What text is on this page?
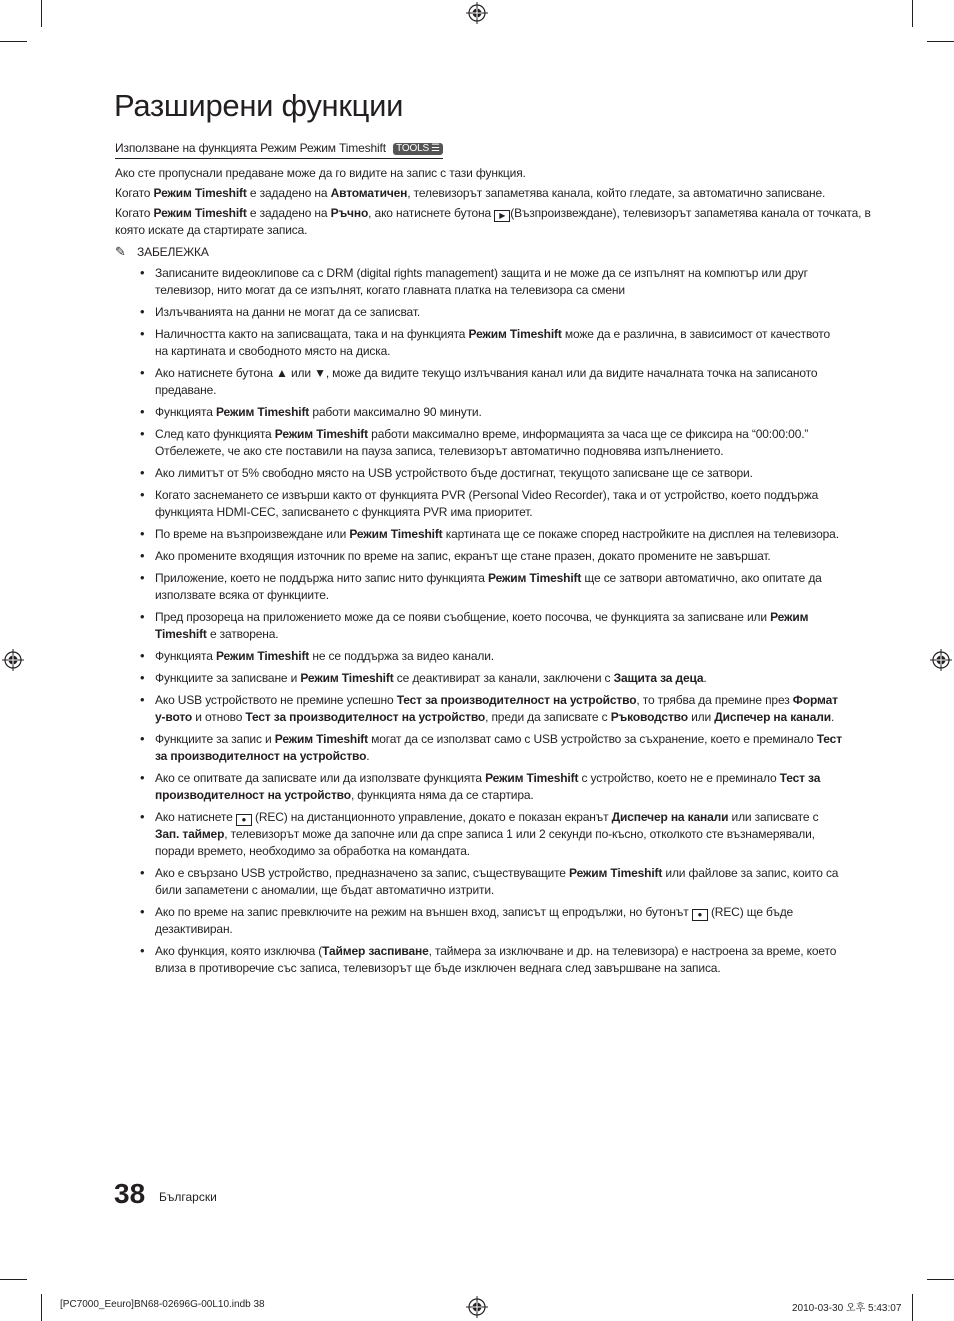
Разширени функции
Използване на функцията Режим Режим Timeshift TOOLS ☰

Ако сте пропуснали предаване може да го видите на запис с тази функция.

Когато Режим Timeshift е зададено на Автоматичен, телевизорът запаметява канала, който гледате, за автоматично записване.

Когато Режим Timeshift е зададено на Ръчно, ако натиснете бутона ▶ (Възпроизвеждане), телевизорът запаметява канала от точката, в която искате да стартирате записа.

✎ ЗАБЕЛЕЖКА
• Записаните видеоклипове са с DRM (digital rights management) защита и не може да се изпълнят на компютър или друг телевизор, нито могат да се изпълнят, когато главната платка на телевизора са смени
• Излъчванията на данни не могат да се записват.
• Наличността както на записващата, така и на функцията Режим Timeshift може да е различна, в зависимост от качеството на картината и свободното място на диска.
• Ако натиснете бутона ▲ или ▼, може да видите текущо излъчвания канал или да видите началната точка на записаното предаване.
• Функцията Режим Timeshift работи максимално 90 минути.
• След като функцията Режим Timeshift работи максимално време, информацията за часа ще се фиксира на “00:00:00.” Отбележете, че ако сте поставили на пауза записа, телевизорът автоматично подновява изпълнението.
• Ако лимитът от 5% свободно място на USB устройството бъде достигнат, текущото записване ще се затвори.
• Когато заснемането се извърши както от функцията PVR (Personal Video Recorder), така и от устройство, което поддържа функцията HDMI-CEC, записването с функцията PVR има приоритет.
• По време на възпроизвеждане или Режим Timeshift картината ще се покаже според настройките на дисплея на телевизора.
• Ако промените входящия източник по време на запис, екранът ще стане празен, докато промените не завършат.
• Приложение, което не поддържа нито запис нито функцията Режим Timeshift ще се затвори автоматично, ако опитате да използвате всяка от функциите.
• Пред прозореца на приложението може да се появи съобщение, което посочва, че функцията за записване или Режим Timeshift е затворена.
• Функцията Режим Timeshift не се поддържа за видео канали.
• Функциите за записване и Режим Timeshift се деактивират за канали, заключени с Защита за деца.
• Ако USB устройството не премине успешно Тест за производителност на устройство, то трябва да премине през Формат у-вото и отново Тест за производителност на устройство, преди да записвате с Ръководство или Диспечер на канали.
• Функциите за запис и Режим Timeshift могат да се използват само с USB устройство за съхранение, което е преминало Тест за производителност на устройство.
• Ако се опитвате да записвате или да използвате функцията Режим Timeshift с устройство, което не е преминало Тест за производителност на устройство, функцията няма да се стартира.
• Ако натиснете ● (REC) на дистанционното управление, докато е показан екранът Диспечер на канали или записвате с Зап. таймер, телевизорът може да започне или да спре записа 1 или 2 секунди по-късно, отколкото сте възнамерявали, поради времето, необходимо за обработка на командата.
• Ако е свързано USB устройство, предназначено за запис, съществуващите Режим Timeshift или файлове за запис, които са били запаметени с аномалии, ще бъдат автоматично изтрити.
• Ако по време на запис превключите на режим на външен вход, записът щ епродължи, но бутонът ● (REC) ще бъде дезактивиран.
• Ако функция, която изключва (Таймер заспиване, таймера за изключване и др. на телевизора) е настроена за време, което влиза в противоречие със записа, телевизорът ще бъде изключен веднага след завършване на записа.
38 Български
[PC7000_Eeuro]BN68-02696G-00L10.indb 38	2010-03-30 오후 5:43:07
